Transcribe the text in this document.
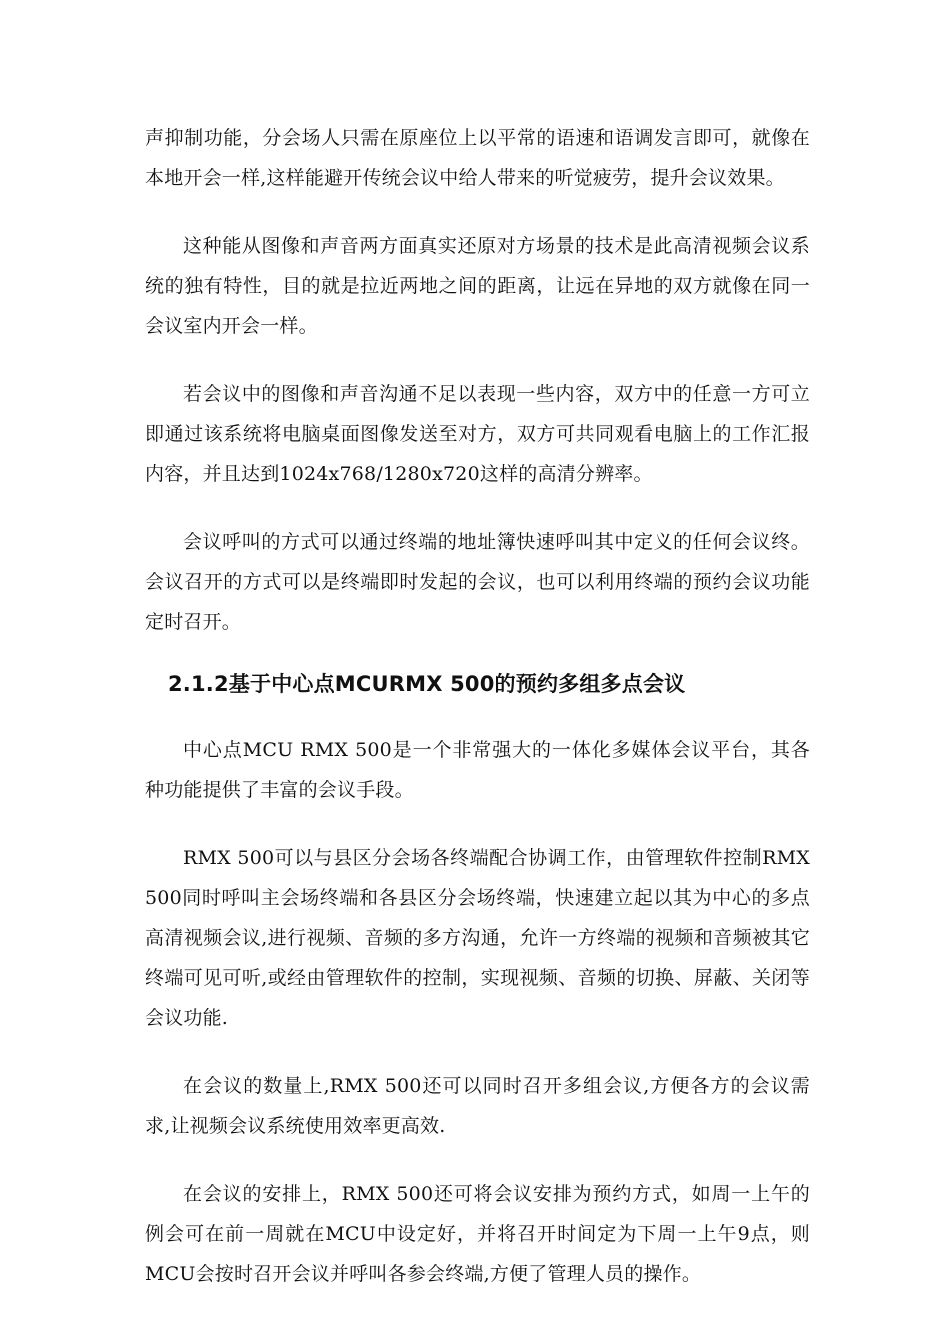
声抑制功能，分会场人只需在原座位上以平常的语速和语调发言即可，就像在本地开会一样,这样能避开传统会议中给人带来的听觉疲劳，提升会议效果。

这种能从图像和声音两方面真实还原对方场景的技术是此高清视频会议系统的独有特性，目的就是拉近两地之间的距离，让远在异地的双方就像在同一会议室内开会一样。

若会议中的图像和声音沟通不足以表现一些内容，双方中的任意一方可立即通过该系统将电脑桌面图像发送至对方，双方可共同观看电脑上的工作汇报内容，并且达到1024x768/1280x720这样的高清分辨率。

会议呼叫的方式可以通过终端的地址簿快速呼叫其中定义的任何会议终。会议召开的方式可以是终端即时发起的会议，也可以利用终端的预约会议功能定时召开。

2.1.2基于中心点MCURMX 500的预约多组多点会议

中心点MCU RMX 500是一个非常强大的一体化多媒体会议平台，其各种功能提供了丰富的会议手段。

RMX 500可以与县区分会场各终端配合协调工作，由管理软件控制RMX 500同时呼叫主会场终端和各县区分会场终端，快速建立起以其为中心的多点高清视频会议,进行视频、音频的多方沟通，允许一方终端的视频和音频被其它终端可见可听,或经由管理软件的控制，实现视频、音频的切换、屏蔽、关闭等会议功能.

在会议的数量上,RMX 500还可以同时召开多组会议,方便各方的会议需求,让视频会议系统使用效率更高效.

在会议的安排上，RMX 500还可将会议安排为预约方式，如周一上午的例会可在前一周就在MCU中设定好，并将召开时间定为下周一上午9点，则MCU会按时召开会议并呼叫各参会终端,方便了管理人员的操作。
